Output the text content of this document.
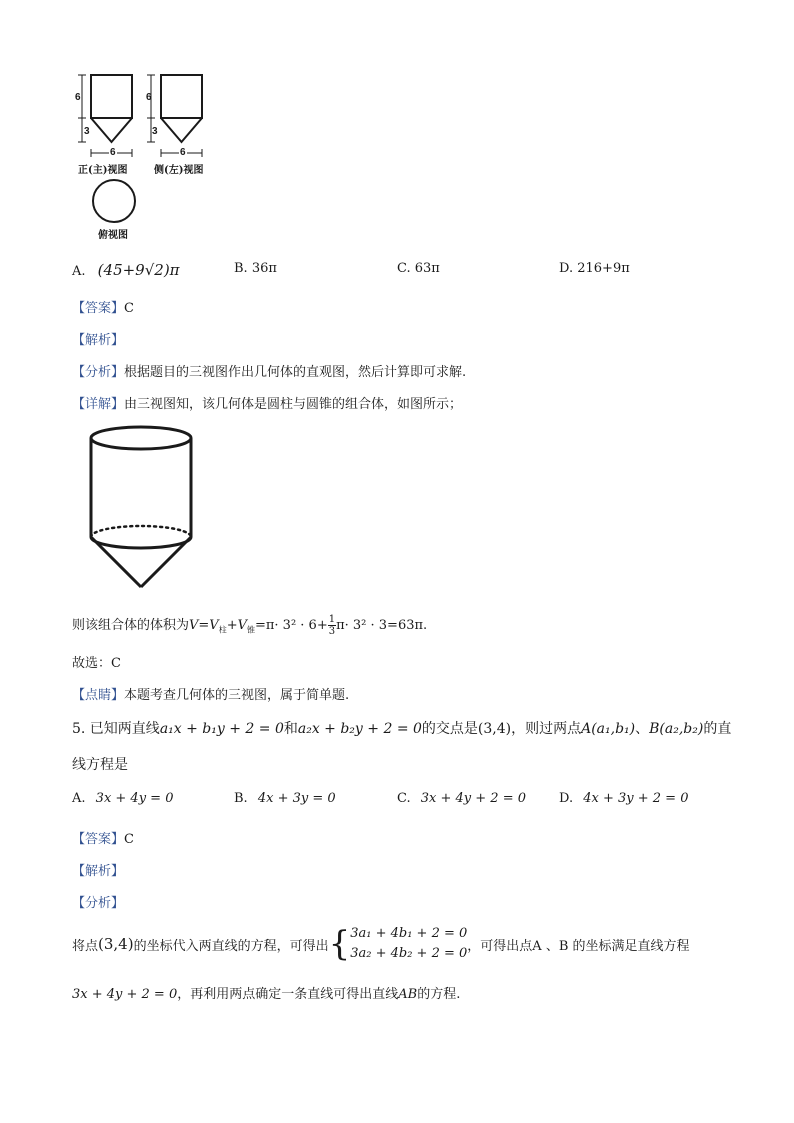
6
3
6
正(主)视图
6
3
6
侧(左)视图
俯视图
A. (45+9√2)π	B. 36π	C. 63π	D. 216+9π
【答案】C
【解析】
【分析】根据题目的三视图作出几何体的直观图，然后计算即可求解.
【详解】由三视图知，该几何体是圆柱与圆锥的组合体，如图所示；
则该组合体的体积为$V=V_柱+V_锥=\pi\cdot 3^2 \cdot 6+ \frac{1}{3} \pi\cdot 3^2 \cdot 3=63\pi$.
故选：C
【点睛】本题考查几何体的三视图，属于简单题.
5. 已知两直线a₁x + b₁y + 2 = 0和a₂x + b₂y + 2 = 0的交点是(3,4)，则过两点A(a₁,b₁)、B(a₂,b₂)的直
线方程是
A. 3x + 4y = 0	B. 4x + 3y = 0	C. 3x + 4y + 2 = 0	D. 4x + 3y + 2 = 0
【答案】C
【解析】
【分析】
将点 (3,4) 的坐标代入两直线的方程，可得出 { 3a₁ + 4b₁ + 2 = 0
3a₂ + 4b₂ + 2 = 0 ，可得出点A 、B 的坐标满足直线方程
3x + 4y + 2 = 0，再利用两点确定一条直线可得出直线AB的方程.
